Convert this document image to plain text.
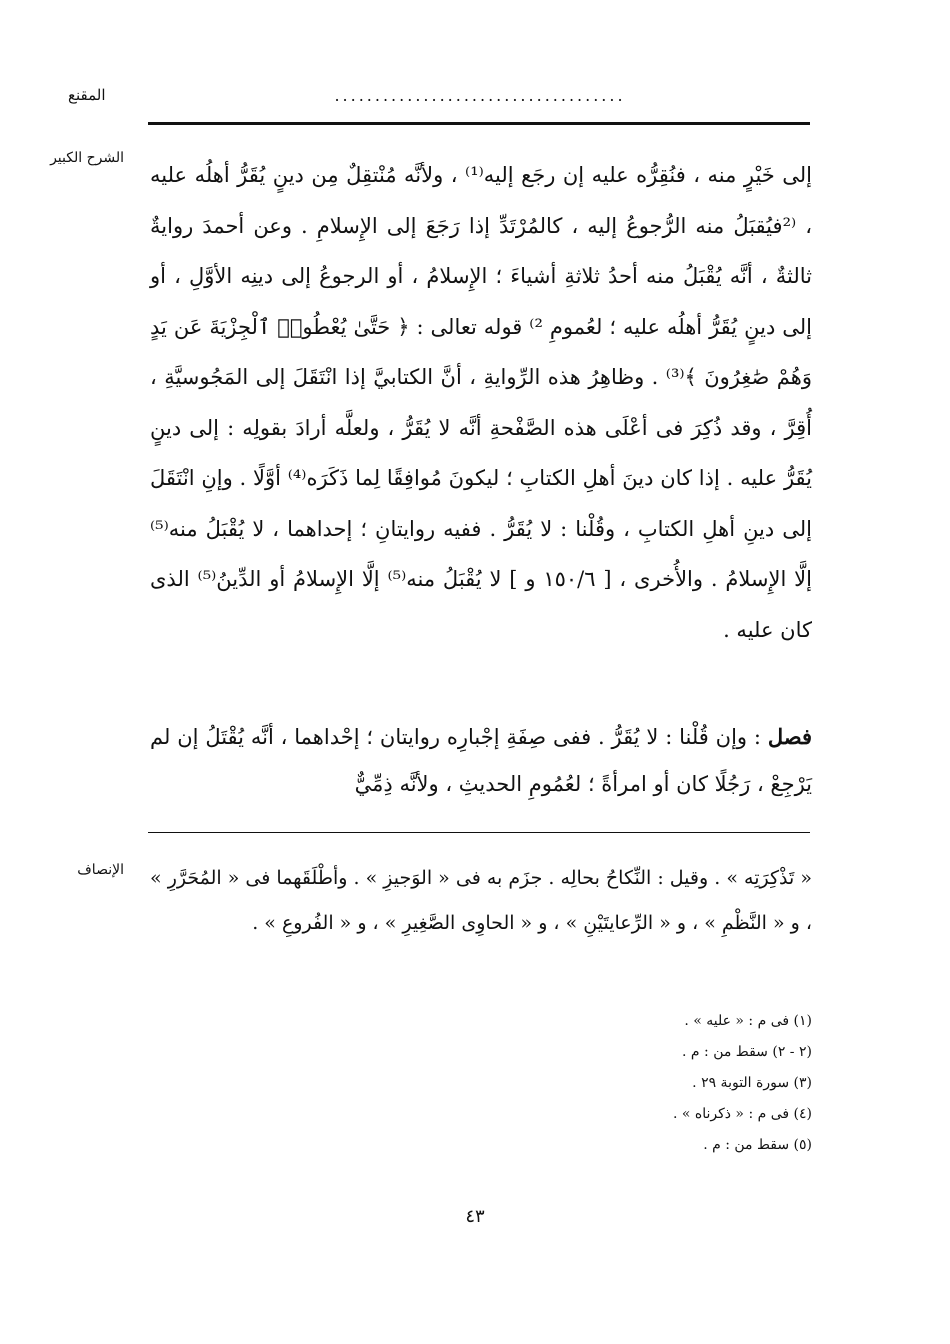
المقنع	....................................
الشرح الكبير

إلى خَيْرٍ منه ، فنُقِرُّه عليه إن رجَع إليه⁽¹⁾ ، ولأنَّه مُنْتقِلٌ مِن دينٍ يُقَرُّ أهلُه عليه ، ⁽²فيُقبَلُ منه الرُّجوعُ إليه ، كالمُرْتَدِّ إذا رَجَعَ إلى الإِسلامِ . وعن أحمدَ روايةٌ ثالثةٌ ، أنَّه يُقْبَلُ منه أحدُ ثلاثةِ أشياءَ ؛ الإِسلامُ ، أو الرجوعُ إلى دينِه الأوَّلِ ، أو إلى دينٍ يُقَرُّ أهلُه عليه ؛ لعُمومِ ²⁾ قوله تعالى : ﴿ حَتَّىٰ يُعْطُوا۟ ٱلْجِزْيَةَ عَن يَدٍ وَهُمْ صَٰغِرُونَ ﴾⁽³⁾ . وظاهِرُ هذه الرِّوايةِ ، أنَّ الكتابيَّ إذا انْتَقَلَ إلى المَجُوسيَّةِ ، أُقِرَّ ، وقد ذُكِرَ فى أعْلَى هذه الصَّفْحةِ أنَّه لا يُقَرُّ ، ولعلَّه أرادَ بقولِه : إلى دينٍ يُقَرُّ عليه . إذا كان دينَ أهلِ الكتابِ ؛ ليكونَ مُوافِقًا لِما ذَكَرَه⁽⁴⁾ أوَّلًا . وإنِ انْتَقَلَ إلى دينِ أهلِ الكتابِ ، وقُلْنا : لا يُقَرُّ . ففيه روايتانِ ؛ إحداهما ، لا يُقْبَلُ منه⁽⁵⁾ إلَّا الإِسلامُ . والأُخرى ، [ ١٥٠/٦ و ] لا يُقْبَلُ منه⁽⁵⁾ إلَّا الإِسلامُ أو الدِّينُ⁽⁵⁾ الذى كان عليه .

فصل : وإن قُلْنا : لا يُقَرُّ . ففى صِفَةِ إجْبارِه روايتان ؛ إحْداهما ، أنَّه يُقْتَلُ إن لم يَرْجِعْ ، رَجُلًا كان أو امرأةً ؛ لعُمُومِ الحديثِ ، ولأنَّه ذِمِّيٌّ

الإنصاف « تَذْكِرَتِه » . وقيل : النِّكاحُ بحالِه . جزَم به فى « الوَجيزِ » . وأطْلَقَهما فى « المُحَرَّرِ » ، و « النَّظْمِ » ، و « الرِّعايتَيْنِ » ، و « الحاوِى الصَّغِيرِ » ، و « الفُروعِ » .

(١) فى م : « عليه » .
(٢ - ٢) سقط من : م .
(٣) سورة التوبة ٢٩ .
(٤) فى م : « ذكرناه » .
(٥) سقط من : م .
٤٣
